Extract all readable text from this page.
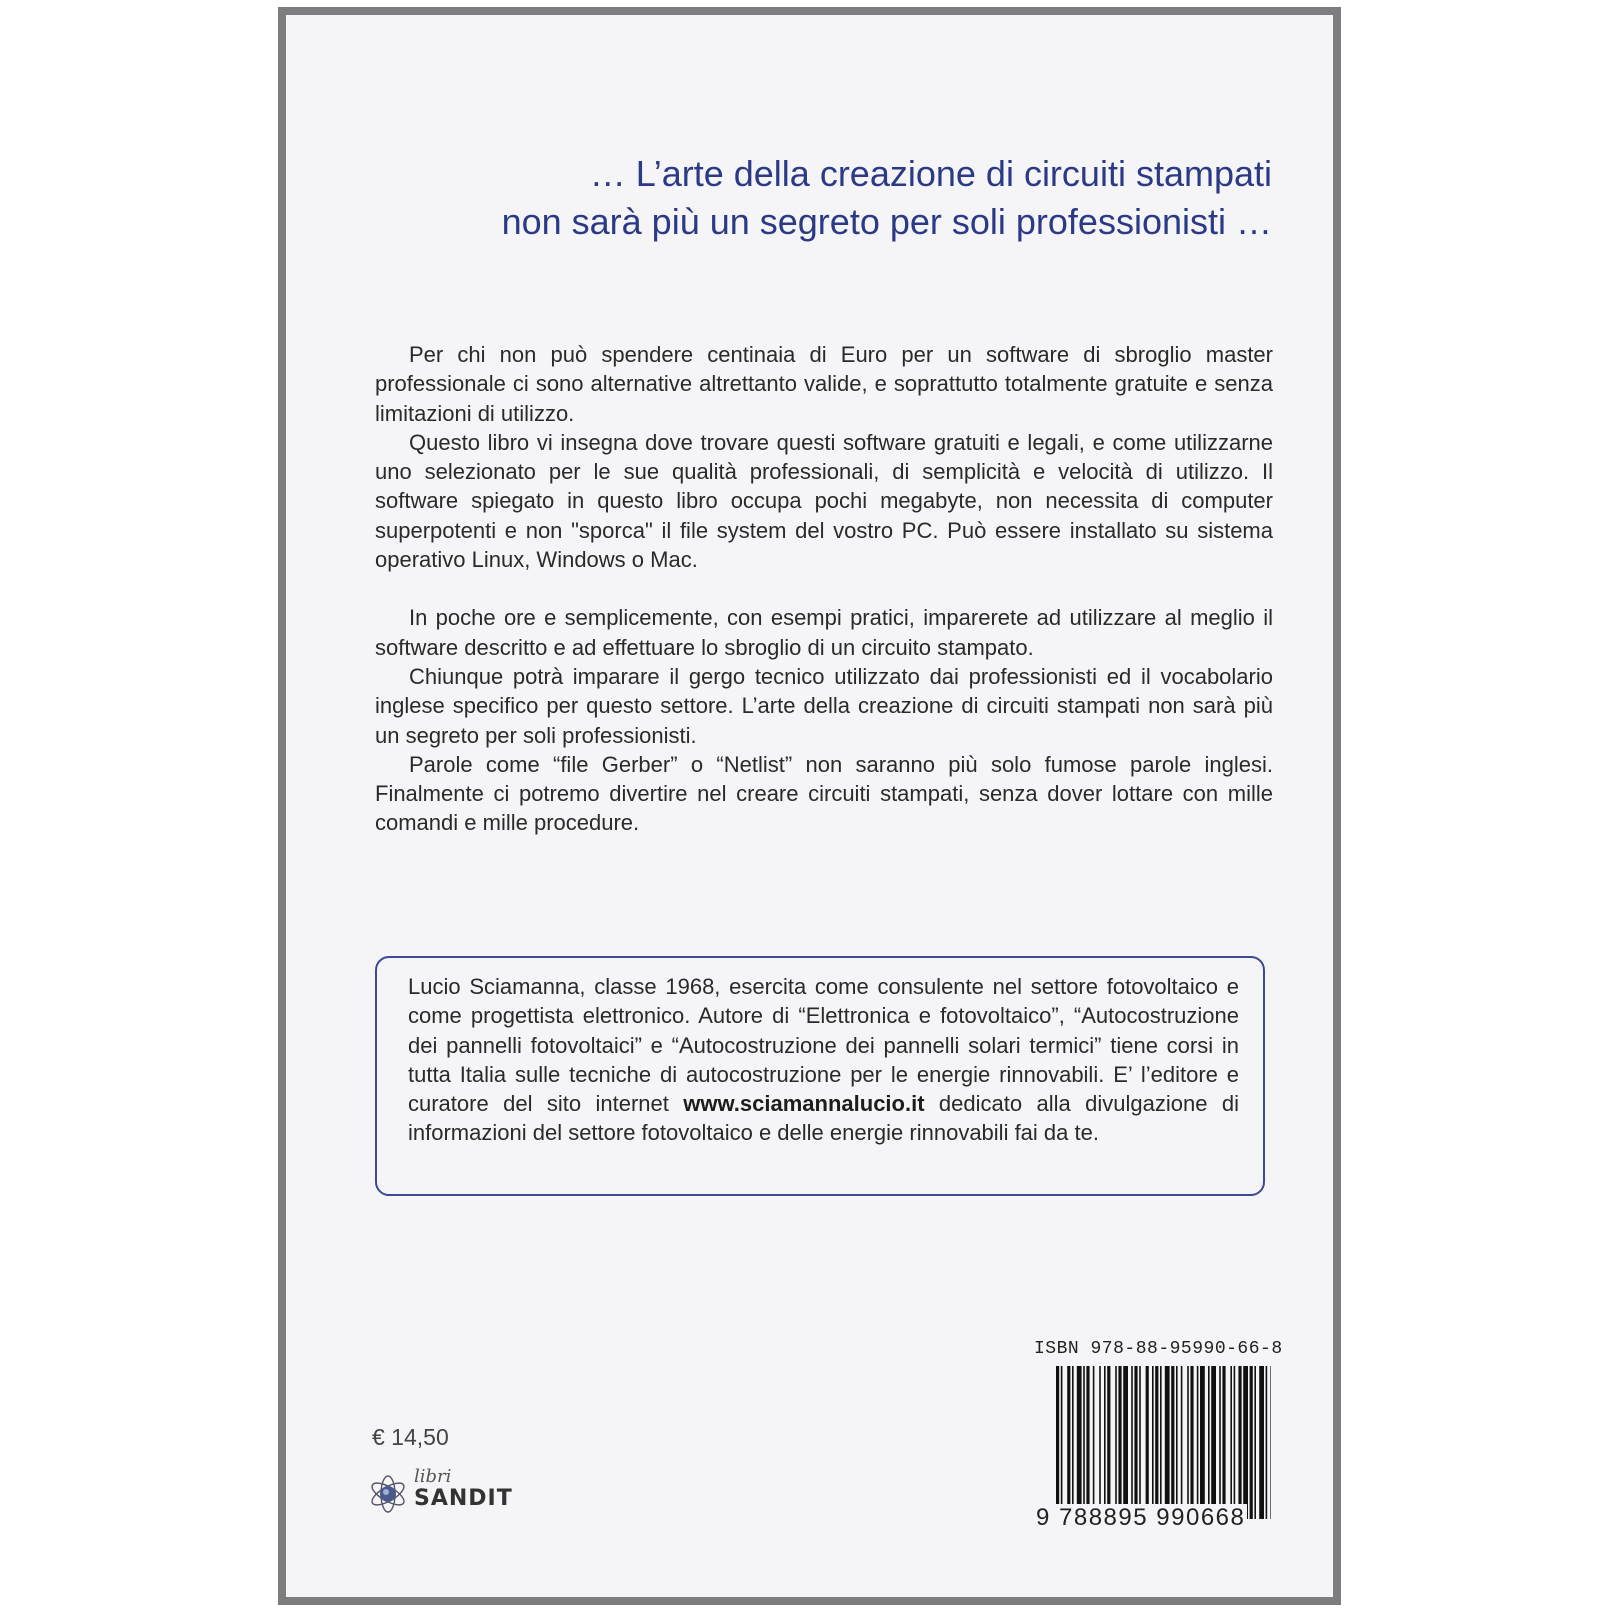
… L’arte della creazione di circuiti stampati
non sarà più un segreto per soli professionisti …

Per chi non può spendere centinaia di Euro per un software di sbroglio master professionale ci sono alternative altrettanto valide, e soprattutto totalmente gratuite e senza limitazioni di utilizzo.

Questo libro vi insegna dove trovare questi software gratuiti e legali, e come utilizzarne uno selezionato per le sue qualità professionali, di semplicità e velocità di utilizzo. Il software spiegato in questo libro occupa pochi megabyte, non necessita di computer superpotenti e non "sporca" il file system del vostro PC. Può essere installato su sistema operativo Linux, Windows o Mac.

In poche ore e semplicemente, con esempi pratici, imparerete ad utilizzare al meglio il software descritto e ad effettuare lo sbroglio di un circuito stampato.

Chiunque potrà imparare il gergo tecnico utilizzato dai professionisti ed il vocabolario inglese specifico per questo settore. L’arte della creazione di circuiti stampati non sarà più un segreto per soli professionisti.

Parole come “file Gerber” o “Netlist” non saranno più solo fumose parole inglesi. Finalmente ci potremo divertire nel creare circuiti stampati, senza dover lottare con mille comandi e mille procedure.

Lucio Sciamanna, classe 1968, esercita come consulente nel settore fotovoltaico e come progettista elettronico. Autore di “Elettronica e fotovoltaico”, “Autocostruzione dei pannelli fotovoltaici” e “Autocostruzione dei pannelli solari termici” tiene corsi in tutta Italia sulle tecniche di autocostruzione per le energie rinnovabili. E’ l’editore e curatore del sito internet www.sciamannalucio.it dedicato alla divulgazione di informazioni del settore fotovoltaico e delle energie rinnovabili fai da te.
ISBN 978-88-95990-66-8
9 788895 990668
€ 14,50
libri
SANDIT
